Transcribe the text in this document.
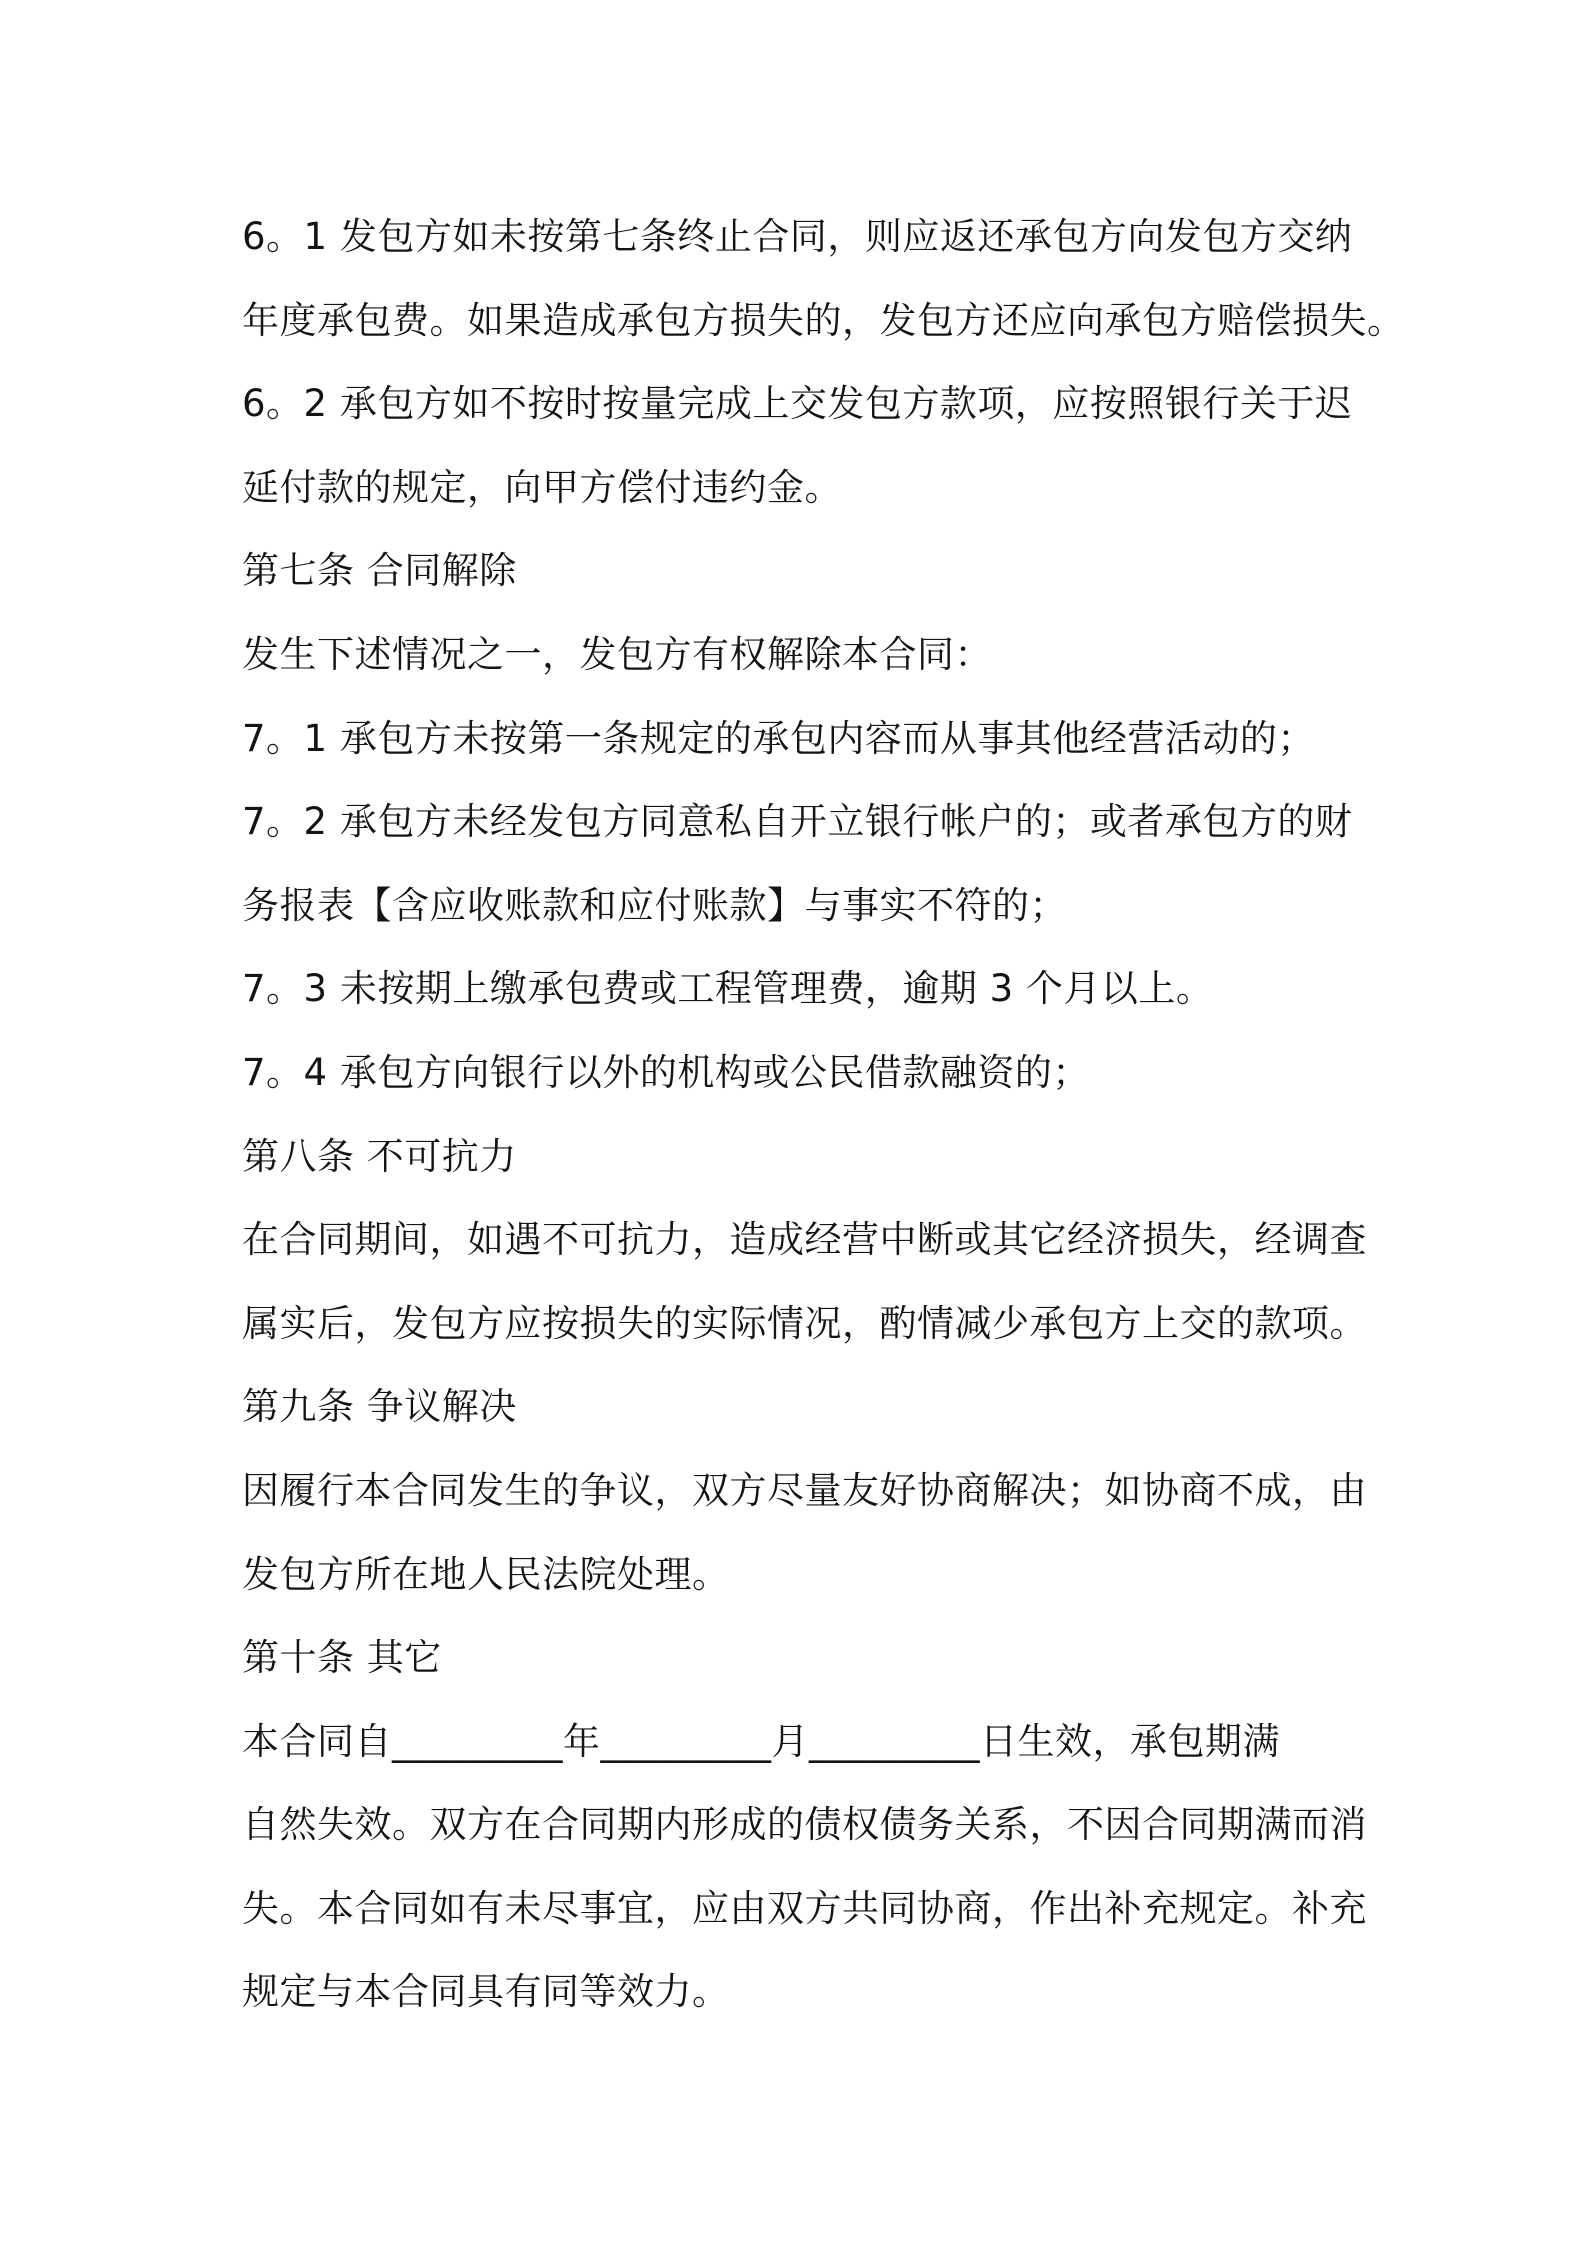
6。1 发包方如未按第七条终止合同，则应返还承包方向发包方交纳
年度承包费。如果造成承包方损失的，发包方还应向承包方赔偿损失。
6。2 承包方如不按时按量完成上交发包方款项，应按照银行关于迟
延付款的规定，向甲方偿付违约金。
第七条 合同解除
发生下述情况之一，发包方有权解除本合同：
7。1 承包方未按第一条规定的承包内容而从事其他经营活动的；
7。2 承包方未经发包方同意私自开立银行帐户的；或者承包方的财
务报表【含应收账款和应付账款】与事实不符的；
7。3 未按期上缴承包费或工程管理费，逾期 3 个月以上。
7。4 承包方向银行以外的机构或公民借款融资的；
第八条 不可抗力
在合同期间，如遇不可抗力，造成经营中断或其它经济损失，经调查
属实后，发包方应按损失的实际情况，酌情减少承包方上交的款项。
第九条 争议解决
因履行本合同发生的争议，双方尽量友好协商解决；如协商不成，由
发包方所在地人民法院处理。
第十条 其它
本合同自_________年_________月_________日生效，承包期满
自然失效。双方在合同期内形成的债权债务关系，不因合同期满而消
失。本合同如有未尽事宜，应由双方共同协商，作出补充规定。补充
规定与本合同具有同等效力。
